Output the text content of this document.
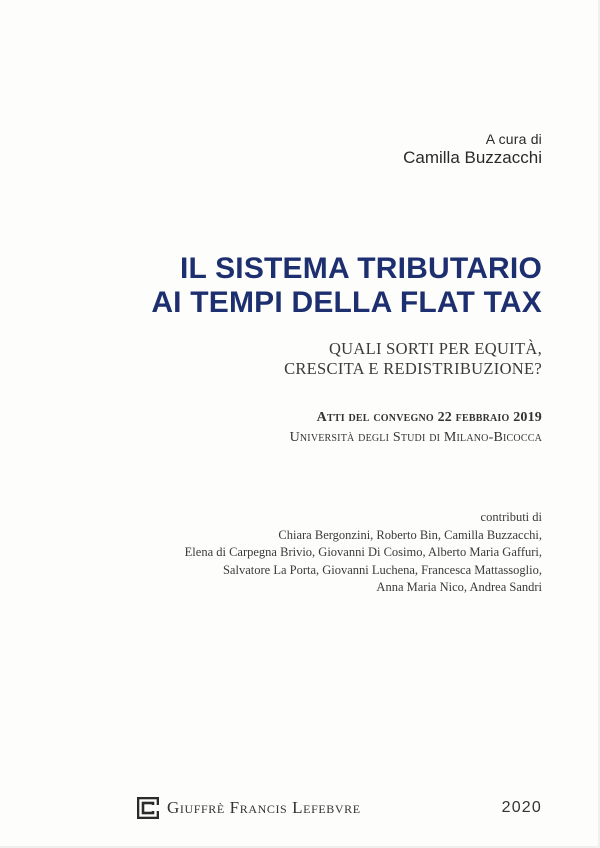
A cura di
Camilla Buzzacchi
IL SISTEMA TRIBUTARIO
AI TEMPI DELLA FLAT TAX
QUALI SORTI PER EQUITÀ,
CRESCITA E REDISTRIBUZIONE?
Atti del convegno 22 febbraio 2019
Università degli Studi di Milano-Bicocca
contributi di
Chiara Bergonzini, Roberto Bin, Camilla Buzzacchi,
Elena di Carpegna Brivio, Giovanni Di Cosimo, Alberto Maria Gaffuri,
Salvatore La Porta, Giovanni Luchena, Francesca Mattassoglio,
Anna Maria Nico, Andrea Sandri
Giuffrè Francis Lefebvre	2020
